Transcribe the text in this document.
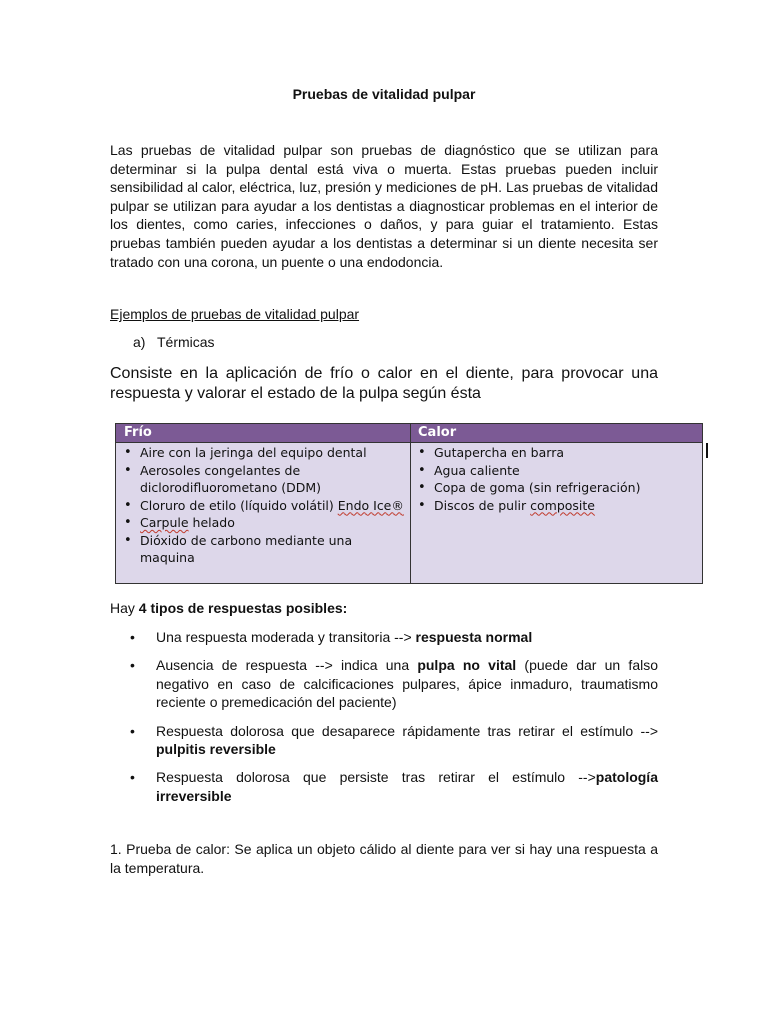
Pruebas de vitalidad pulpar
Las pruebas de vitalidad pulpar son pruebas de diagnóstico que se utilizan para determinar si la pulpa dental está viva o muerta. Estas pruebas pueden incluir sensibilidad al calor, eléctrica, luz, presión y mediciones de pH. Las pruebas de vitalidad pulpar se utilizan para ayudar a los dentistas a diagnosticar problemas en el interior de los dientes, como caries, infecciones o daños, y para guiar el tratamiento. Estas pruebas también pueden ayudar a los dentistas a determinar si un diente necesita ser tratado con una corona, un puente o una endodoncia.
Ejemplos de pruebas de vitalidad pulpar
a) Térmicas
Consiste en la aplicación de frío o calor en el diente, para provocar una respuesta y valorar el estado de la pulpa según ésta
Frío	Calor
• Aire con la jeringa del equipo dental
• Aerosoles congelantes de
diclorodifluorometano (DDM)
• Cloruro de etilo (líquido volátil) Endo Ice®
• Carpule helado
• Dióxido de carbono mediante una
maquina
• Gutapercha en barra
• Agua caliente
• Copa de goma (sin refrigeración)
• Discos de pulir composite
Hay 4 tipos de respuestas posibles:
• Una respuesta moderada y transitoria --> respuesta normal
• Ausencia de respuesta --> indica una pulpa no vital (puede dar un falso negativo en caso de calcificaciones pulpares, ápice inmaduro, traumatismo reciente o premedicación del paciente)
• Respuesta dolorosa que desaparece rápidamente tras retirar el estímulo --> pulpitis reversible
• Respuesta dolorosa que persiste tras retirar el estímulo -->patología irreversible
1. Prueba de calor: Se aplica un objeto cálido al diente para ver si hay una respuesta a la temperatura.
